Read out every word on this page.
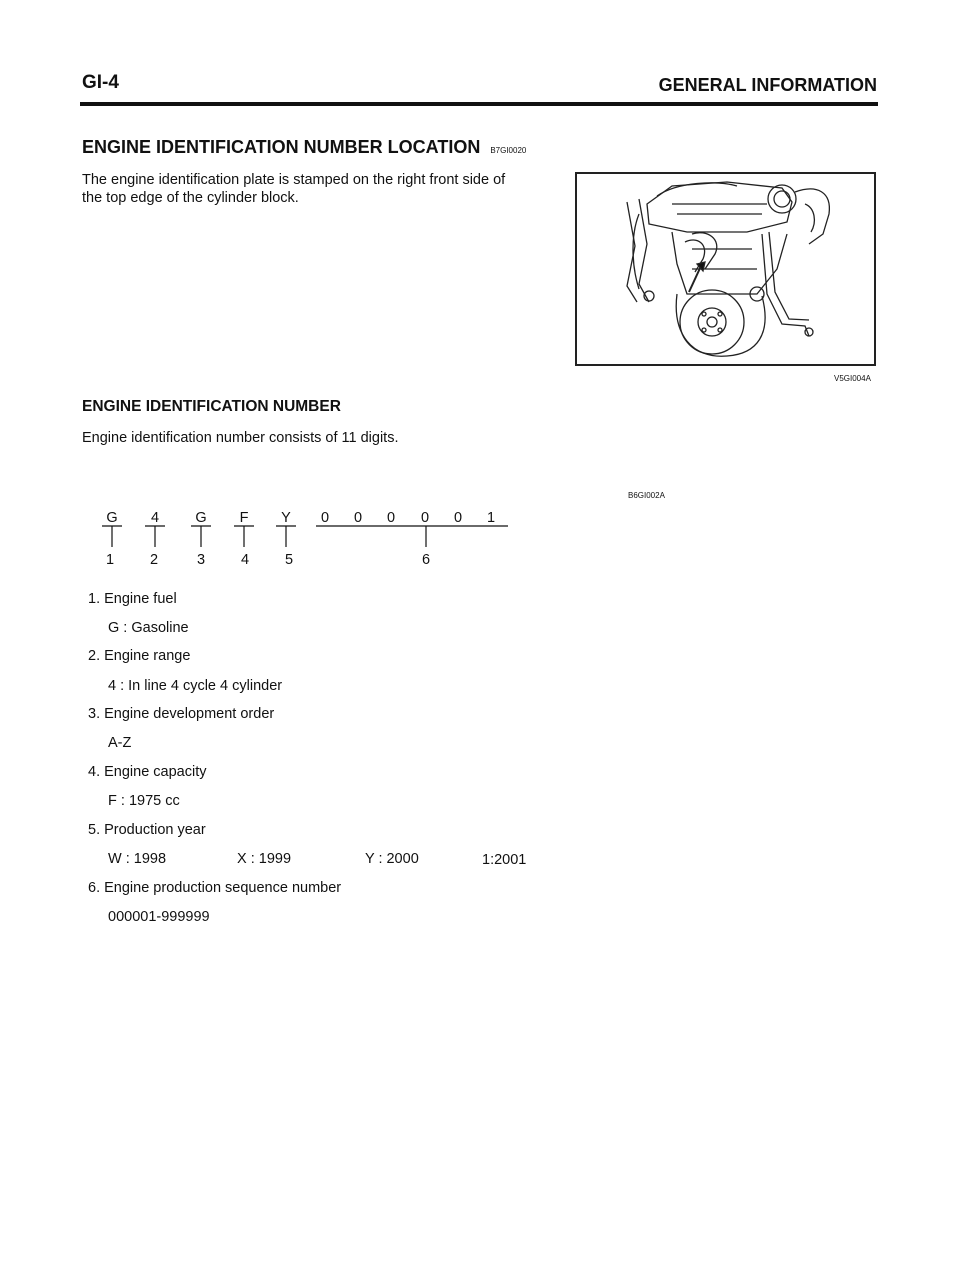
GI-4	GENERAL INFORMATION
ENGINE IDENTIFICATION NUMBER LOCATION B7GI0020
The engine identification plate is stamped on the right front side of the top edge of the cylinder block.
V5GI004A
ENGINE IDENTIFICATION NUMBER
Engine identification number consists of 11 digits.
B6GI002A
G 4	G F Y 0 0 0 0 0 1
1 2	3 4 5	6
1. Engine fuel
G : Gasoline
2. Engine range
4 : In line 4 cycle 4 cylinder
3. Engine development order
A-Z
4. Engine capacity
F : 1975 cc
5. Production year
W : 1998	X : 1999	Y : 2000	1:2001
6. Engine production sequence number
000001-999999
